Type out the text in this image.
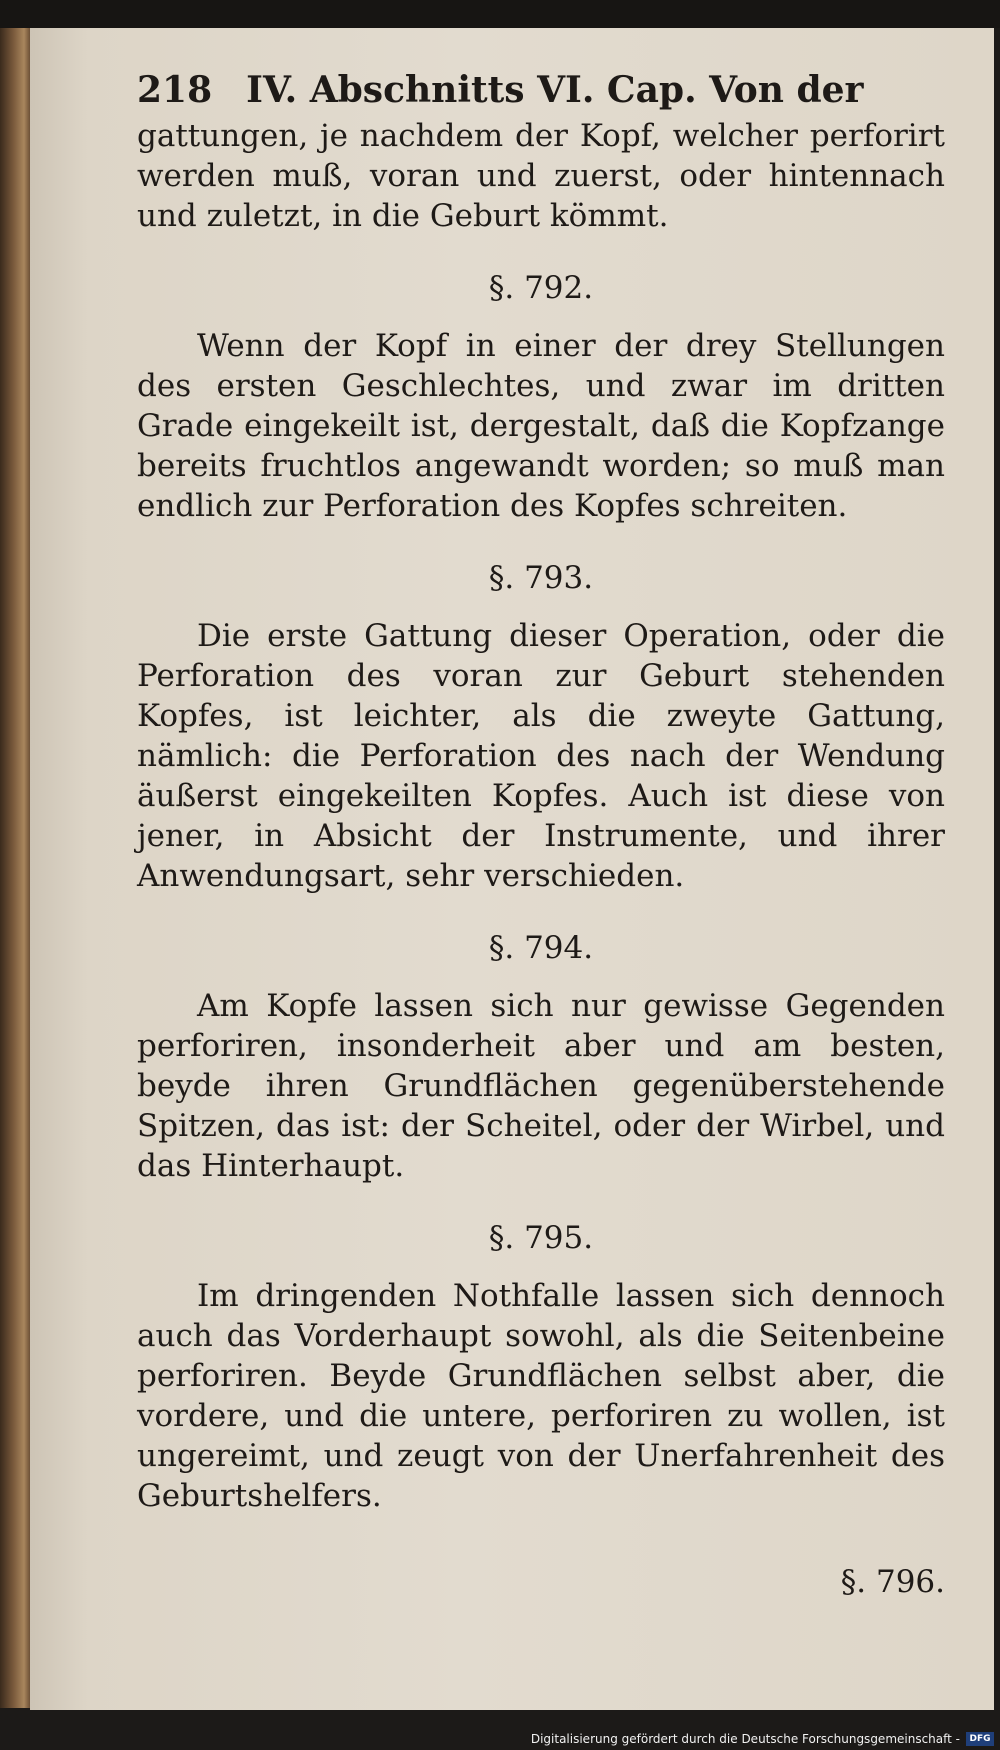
218 IV. Abschnitts VI. Cap. Von der

gattungen, je nachdem der Kopf, welcher perforirt werden muß, voran und zuerst, oder hintennach und zuletzt, in die Geburt kömmt.

§. 792.

Wenn der Kopf in einer der drey Stellungen des ersten Geschlechtes, und zwar im dritten Grade eingekeilt ist, dergestalt, daß die Kopfzange bereits fruchtlos angewandt worden; so muß man endlich zur Perforation des Kopfes schreiten.

§. 793.

Die erste Gattung dieser Operation, oder die Perforation des voran zur Geburt stehenden Kopfes, ist leichter, als die zweyte Gattung, nämlich: die Perforation des nach der Wendung äußerst eingekeilten Kopfes. Auch ist diese von jener, in Absicht der Instrumente, und ihrer Anwendungsart, sehr verschieden.

§. 794.

Am Kopfe lassen sich nur gewisse Gegenden perforiren, insonderheit aber und am besten, beyde ihren Grundflächen gegenüberstehende Spitzen, das ist: der Scheitel, oder der Wirbel, und das Hinterhaupt.

§. 795.

Im dringenden Nothfalle lassen sich dennoch auch das Vorderhaupt sowohl, als die Seitenbeine perforiren. Beyde Grundflächen selbst aber, die vordere, und die untere, perforiren zu wollen, ist ungereimt, und zeugt von der Unerfahrenheit des Geburtshelfers.

§. 796.
Digitalisierung gefördert durch die Deutsche Forschungsgemeinschaft -	DFG
